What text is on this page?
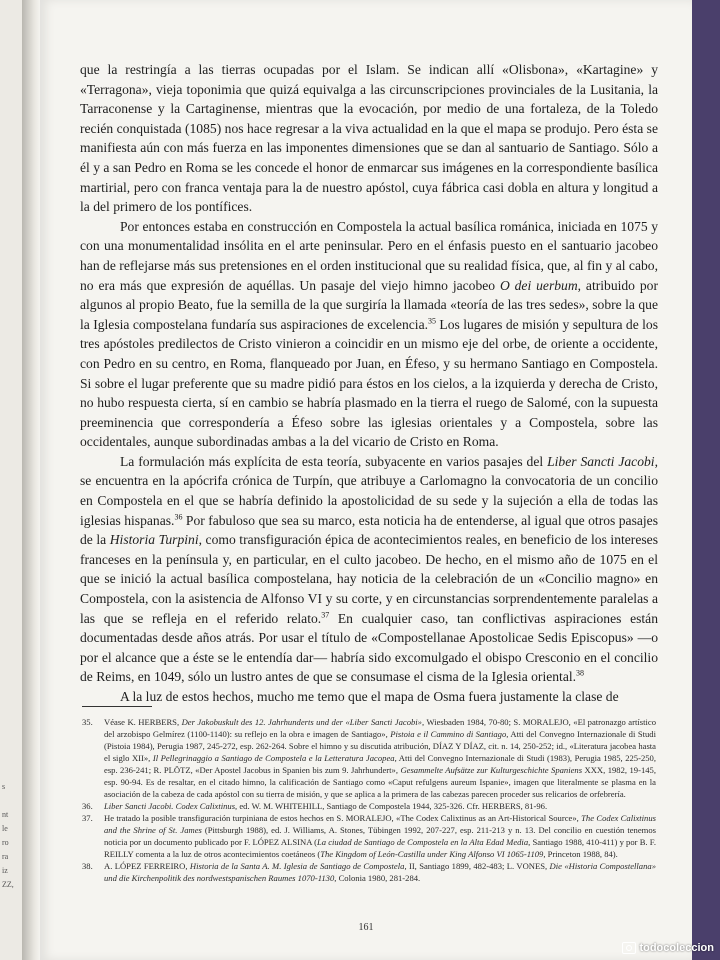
s

nt
le
ro
ra
iz
ZZ,

que la restringía a las tierras ocupadas por el Islam. Se indican allí «Olisbona», «Kartagine» y «Terragona», vieja toponimia que quizá equivalga a las circunscripciones provinciales de la Lusitania, la Tarraconense y la Cartaginense, mientras que la evocación, por medio de una fortaleza, de la Toledo recién conquistada (1085) nos hace regresar a la viva actualidad en la que el mapa se produjo. Pero ésta se manifiesta aún con más fuerza en las imponentes dimensiones que se dan al santuario de Santiago. Sólo a él y a san Pedro en Roma se les concede el honor de enmarcar sus imágenes en la correspondiente basílica martirial, pero con franca ventaja para la de nuestro apóstol, cuya fábrica casi dobla en altura y longitud a la del primero de los pontífices.

Por entonces estaba en construcción en Compostela la actual basílica románica, iniciada en 1075 y con una monumentalidad insólita en el arte peninsular. Pero en el énfasis puesto en el santuario jacobeo han de reflejarse más sus pretensiones en el orden institucional que su realidad física, que, al fin y al cabo, no era más que expresión de aquéllas. Un pasaje del viejo himno jacobeo O dei uerbum, atribuido por algunos al propio Beato, fue la semilla de la que surgiría la llamada «teoría de las tres sedes», sobre la que la Iglesia compostelana fundaría sus aspiraciones de excelencia.$^{35}$ Los lugares de misión y sepultura de los tres apóstoles predilectos de Cristo vinieron a coincidir en un mismo eje del orbe, de oriente a occidente, con Pedro en su centro, en Roma, flanqueado por Juan, en Éfeso, y su hermano Santiago en Compostela. Si sobre el lugar preferente que su madre pidió para éstos en los cielos, a la izquierda y derecha de Cristo, no hubo respuesta cierta, sí en cambio se habría plasmado en la tierra el ruego de Salomé, con la supuesta preeminencia que correspondería a Éfeso sobre las iglesias orientales y a Compostela, sobre las occidentales, aunque subordinadas ambas a la del vicario de Cristo en Roma.

La formulación más explícita de esta teoría, subyacente en varios pasajes del Liber Sancti Jacobi, se encuentra en la apócrifa crónica de Turpín, que atribuye a Carlomagno la convocatoria de un concilio en Compostela en el que se habría definido la apostolicidad de su sede y la sujeción a ella de todas las iglesias hispanas.$^{36}$ Por fabuloso que sea su marco, esta noticia ha de entenderse, al igual que otros pasajes de la Historia Turpini, como transfiguración épica de acontecimientos reales, en beneficio de los intereses franceses en la península y, en particular, en el culto jacobeo. De hecho, en el mismo año de 1075 en el que se inició la actual basílica compostelana, hay noticia de la celebración de un «Concilio magno» en Compostela, con la asistencia de Alfonso VI y su corte, y en circunstancias sorprendentemente paralelas a las que se refleja en el referido relato.$^{37}$ En cualquier caso, tan conflictivas aspiraciones están documentadas desde años atrás. Por usar el título de «Compostellanae Apostolicae Sedis Episcopus» —o por el alcance que a éste se le entendía dar— habría sido excomulgado el obispo Cresconio en el concilio de Reims, en 1049, sólo un lustro antes de que se consumase el cisma de la Iglesia oriental.$^{38}$

A la luz de estos hechos, mucho me temo que el mapa de Osma fuera justamente la clase de

35.	Véase K. HERBERS, Der Jakobuskult des 12. Jahrhunderts und der «Liber Sancti Jacobi», Wiesbaden 1984, 70-80; S. MORALEJO, «El patronazgo artístico del arzobispo Gelmírez (1100-1140): su reflejo en la obra e imagen de Santiago», Pistoia e il Cammino di Santiago, Atti del Convegno Internazionale di Studi (Pistoia 1984), Perugia 1987, 245-272, esp. 262-264. Sobre el himno y su discutida atribución, DÍAZ Y DÍAZ, cit. n. 14, 250-252; id., «Literatura jacobea hasta el siglo XII», Il Pellegrinaggio a Santiago de Compostela e la Letteratura Jacopea, Atti del Convegno Internazionale di Studi (1983), Perugia 1985, 225-250, esp. 236-241; R. PLÖTZ, «Der Apostel Jacobus in Spanien bis zum 9. Jahrhundert», Gesammelte Aufsätze zur Kulturgeschichte Spaniens XXX, 1982, 19-145, esp. 90-94. Es de resaltar, en el citado himno, la calificación de Santiago como «Caput refulgens aureum Ispanie», imagen que literalmente se plasma en la asociación de la cabeza de cada apóstol con su tierra de misión, y que se aplica a la primera de las cabezas parecen proceder sus relicarios de orfebrería.
36.	Liber Sancti Jacobi. Codex Calixtinus, ed. W. M. WHITEHILL, Santiago de Compostela 1944, 325-326. Cfr. HERBERS, 81-96.
37.	He tratado la posible transfiguración turpiniana de estos hechos en S. MORALEJO, «The Codex Calixtinus as an Art-Historical Source», The Codex Calixtinus and the Shrine of St. James (Pittsburgh 1988), ed. J. Williams, A. Stones, Tübingen 1992, 207-227, esp. 211-213 y n. 13. Del concilio en cuestión tenemos noticia por un documento publicado por F. LÓPEZ ALSINA (La ciudad de Santiago de Compostela en la Alta Edad Media, Santiago 1988, 410-411) y por B. F. REILLY comenta a la luz de otros acontecimientos coetáneos (The Kingdom of León-Castilla under King Alfonso VI 1065-1109, Princeton 1988, 84).
38.	A. LÓPEZ FERREIRO, Historia de la Santa A. M. Iglesia de Santiago de Compostela, II, Santiago 1899, 482-483; L. VONES, Die «Historia Compostellana» und die Kirchenpolitik des nordwestspanischen Raumes 1070-1130, Colonia 1980, 281-284.
161
todocoleccion
